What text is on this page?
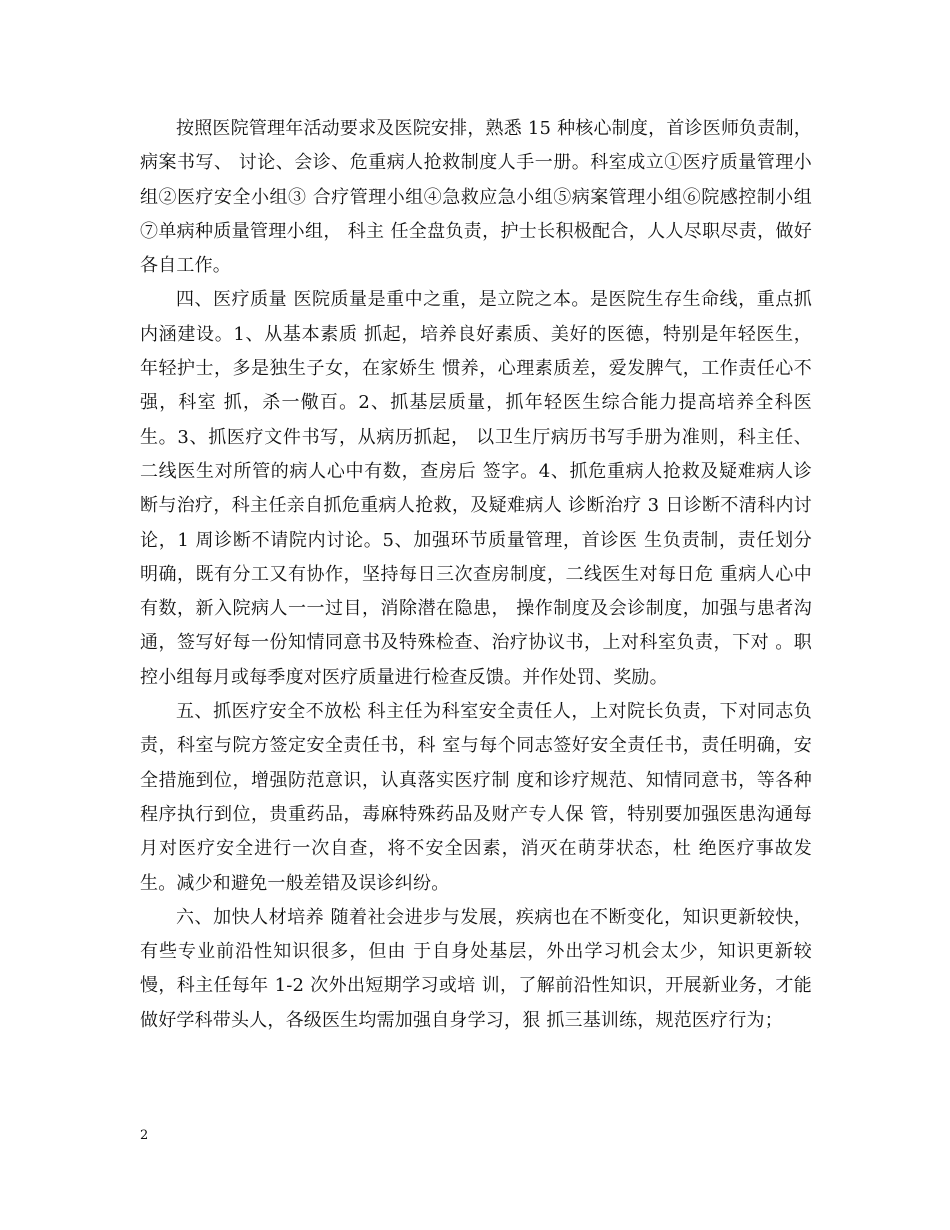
按照医院管理年活动要求及医院安排，熟悉 15 种核心制度，首诊医师负责制，病案书写、 讨论、会诊、危重病人抢救制度人手一册。科室成立①医疗质量管理小组②医疗安全小组③ 合疗管理小组④急救应急小组⑤病案管理小组⑥院感控制小组⑦单病种质量管理小组， 科主 任全盘负责，护士长积极配合，人人尽职尽责，做好各自工作。

四、医疗质量 医院质量是重中之重，是立院之本。是医院生存生命线，重点抓内涵建设。1、从基本素质 抓起，培养良好素质、美好的医德，特别是年轻医生，年轻护士，多是独生子女，在家娇生 惯养，心理素质差，爱发脾气，工作责任心不强，科室 抓，杀一儆百。2、抓基层质量，抓年轻医生综合能力提高培养全科医生。3、抓医疗文件书写，从病历抓起， 以卫生厅病历书写手册为准则，科主任、二线医生对所管的病人心中有数，查房后 签字。4、抓危重病人抢救及疑难病人诊断与治疗，科主任亲自抓危重病人抢救，及疑难病人 诊断治疗 3 日诊断不清科内讨论，1 周诊断不请院内讨论。5、加强环节质量管理，首诊医 生负责制，责任划分明确，既有分工又有协作，坚持每日三次查房制度，二线医生对每日危 重病人心中有数，新入院病人一一过目，消除潜在隐患， 操作制度及会诊制度，加强与患者沟通，签写好每一份知情同意书及特殊检查、治疗协议书，上对科室负责，下对 。职控小组每月或每季度对医疗质量进行检查反馈。并作处罚、奖励。

五、抓医疗安全不放松 科主任为科室安全责任人，上对院长负责，下对同志负责，科室与院方签定安全责任书，科 室与每个同志签好安全责任书，责任明确，安全措施到位，增强防范意识，认真落实医疗制 度和诊疗规范、知情同意书，等各种程序执行到位，贵重药品，毒麻特殊药品及财产专人保 管，特别要加强医患沟通每月对医疗安全进行一次自查，将不安全因素，消灭在萌芽状态，杜 绝医疗事故发生。减少和避免一般差错及误诊纠纷。

六、加快人材培养 随着社会进步与发展，疾病也在不断变化，知识更新较快，有些专业前沿性知识很多，但由 于自身处基层，外出学习机会太少，知识更新较慢，科主任每年 1-2 次外出短期学习或培 训，了解前沿性知识，开展新业务，才能做好学科带头人，各级医生均需加强自身学习，狠 抓三基训练，规范医疗行为；

2
